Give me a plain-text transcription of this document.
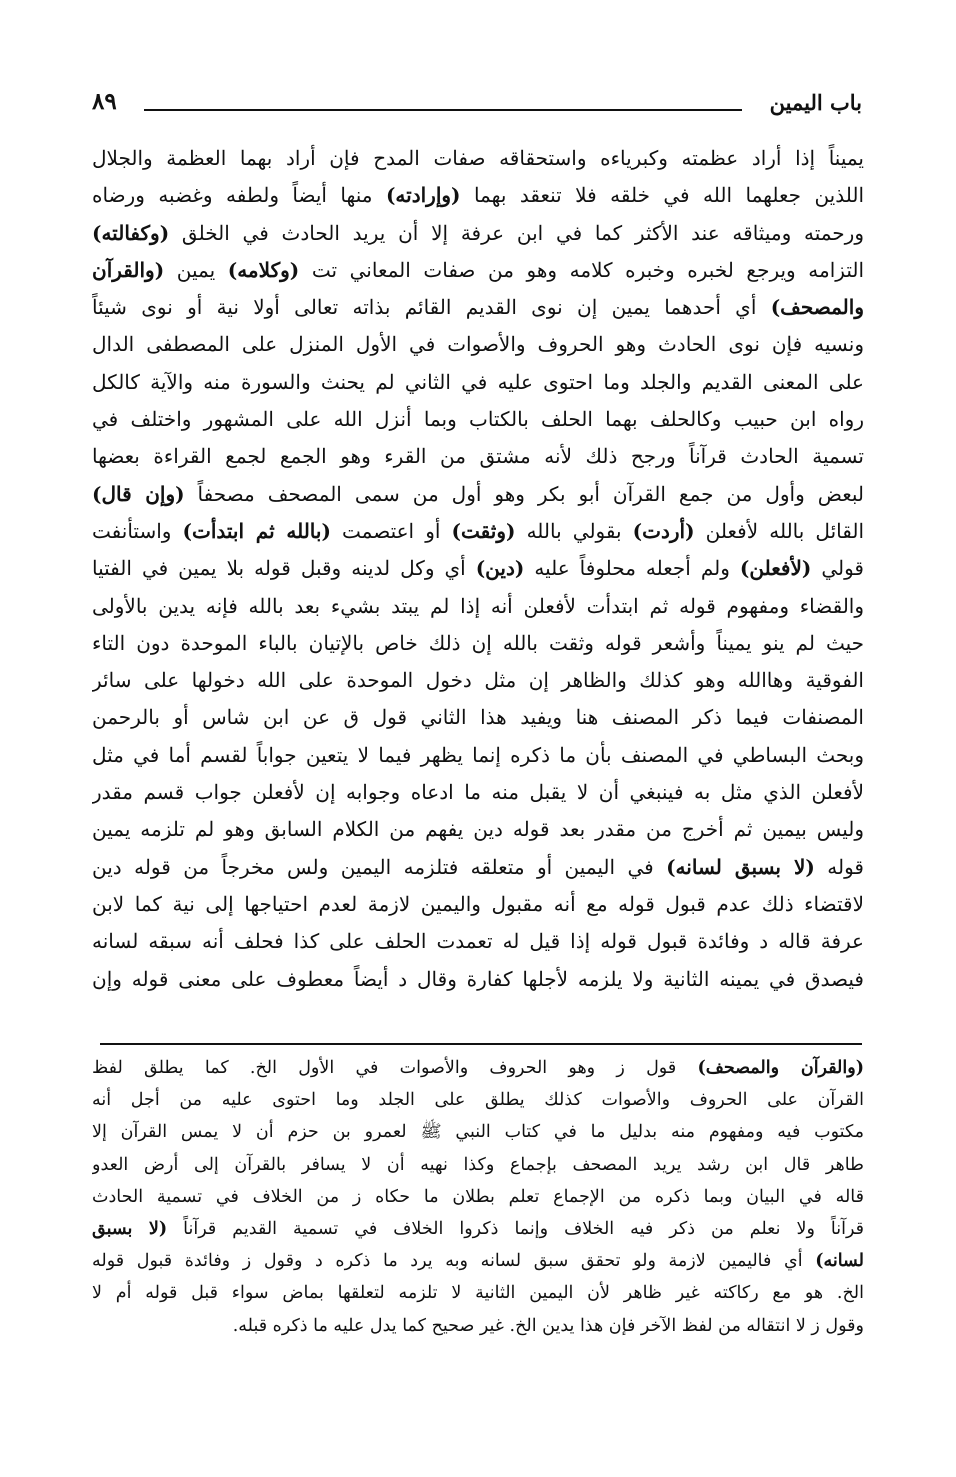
باب اليمين
٨٩
يميناً إذا أراد عظمته وكبرياءه واستحقاقه صفات المدح فإن أراد بهما العظمة والجلال
اللذين جعلهما الله في خلقه فلا تنعقد بهما (وإرادته) منها أيضاً ولطفه وغضبه ورضاه
ورحمته وميثاقه عند الأكثر كما في ابن عرفة إلا أن يريد الحادث في الخلق (وكفالته)
التزامه ويرجع لخبره وخبره كلامه وهو من صفات المعاني تت (وكلامه) يمين (والقرآن
والمصحف) أي أحدهما يمين إن نوى القديم القائم بذاته تعالى أولا نية أو نوى شيئاً
ونسيه فإن نوى الحادث وهو الحروف والأصوات في الأول المنزل على المصطفى الدال
على المعنى القديم والجلد وما احتوى عليه في الثاني لم يحنث والسورة منه والآية كالكل
رواه ابن حبيب وكالحلف بهما الحلف بالكتاب وبما أنزل الله على المشهور واختلف في
تسمية الحادث قرآناً ورجح ذلك لأنه مشتق من القرء وهو الجمع لجمع القراءة بعضها
لبعض وأول من جمع القرآن أبو بكر وهو أول من سمى المصحف مصحفاً (وإن قال)
القائل بالله لأفعلن (أردت) بقولي بالله (وثقت) أو اعتصمت (بالله ثم ابتدأت) واستأنفت
قولي (لأفعلن) ولم أجعله محلوفاً عليه (دين) أي وكل لدينه وقبل قوله بلا يمين في الفتيا
والقضاء ومفهوم قوله ثم ابتدأت لأفعلن أنه إذا لم يبتد بشيء بعد بالله فإنه يدين بالأولى
حيث لم ينو يميناً وأشعر قوله وثقت بالله إن ذلك خاص بالإتيان بالباء الموحدة دون التاء
الفوقية وهاالله وهو كذلك والظاهر إن مثل دخول الموحدة على الله دخولها على سائر
المصنفات فيما ذكر المصنف هنا ويفيد هذا الثاني قول ق عن ابن شاس أو بالرحمن
وبحث البساطي في المصنف بأن ما ذكره إنما يظهر فيما لا يتعين جواباً لقسم أما في مثل
لأفعلن الذي مثل به فينبغي أن لا يقبل منه ما ادعاه وجوابه إن لأفعلن جواب قسم مقدر
وليس بيمين ثم أخرج من مقدر بعد قوله دين يفهم من الكلام السابق وهو لم تلزمه يمين
قوله (لا بسبق لسانه) في اليمين أو متعلقه فتلزمه اليمين ولس مخرجاً من قوله دين
لاقتضاء ذلك عدم قبول قوله مع أنه مقبول واليمين لازمة لعدم احتياجها إلى نية كما لابن
عرفة قاله د وفائدة قبول قوله إذا قيل له تعمدت الحلف على كذا فحلف أنه سبقه لسانه
فيصدق في يمينه الثانية ولا يلزمه لأجلها كفارة وقال د أيضاً معطوف على معنى قوله وإن
(والقرآن والمصحف) قول ز وهو الحروف والأصوات في الأول الخ. كما يطلق لفظ
القرآن على الحروف والأصوات كذلك يطلق على الجلد وما احتوى عليه من أجل أنه
مكتوب فيه ومفهوم منه بدليل ما في كتاب النبي ﷺ لعمرو بن حزم أن لا يمس القرآن إلا
طاهر قال ابن رشد يريد المصحف بإجماع وكذا نهيه أن لا يسافر بالقرآن إلى أرض العدو
قاله في البيان وبما ذكره من الإجماع تعلم بطلان ما حكاه ز من الخلاف في تسمية الحادث
قرآناً ولا نعلم من ذكر فيه الخلاف وإنما ذكروا الخلاف في تسمية القديم قرآناً (لا بسبق
لسانه) أي فاليمين لازمة ولو تحقق سبق لسانه وبه يرد ما ذكره د وقول ز وفائدة قبول قوله
الخ. هو مع ركاكته غير ظاهر لأن اليمين الثانية لا تلزمه لتعلقها بماض سواء قبل قوله أم لا
وقول ز لا انتقاله من لفظ الآخر فإن هذا يدين الخ. غير صحيح كما يدل عليه ما ذكره قبله.
